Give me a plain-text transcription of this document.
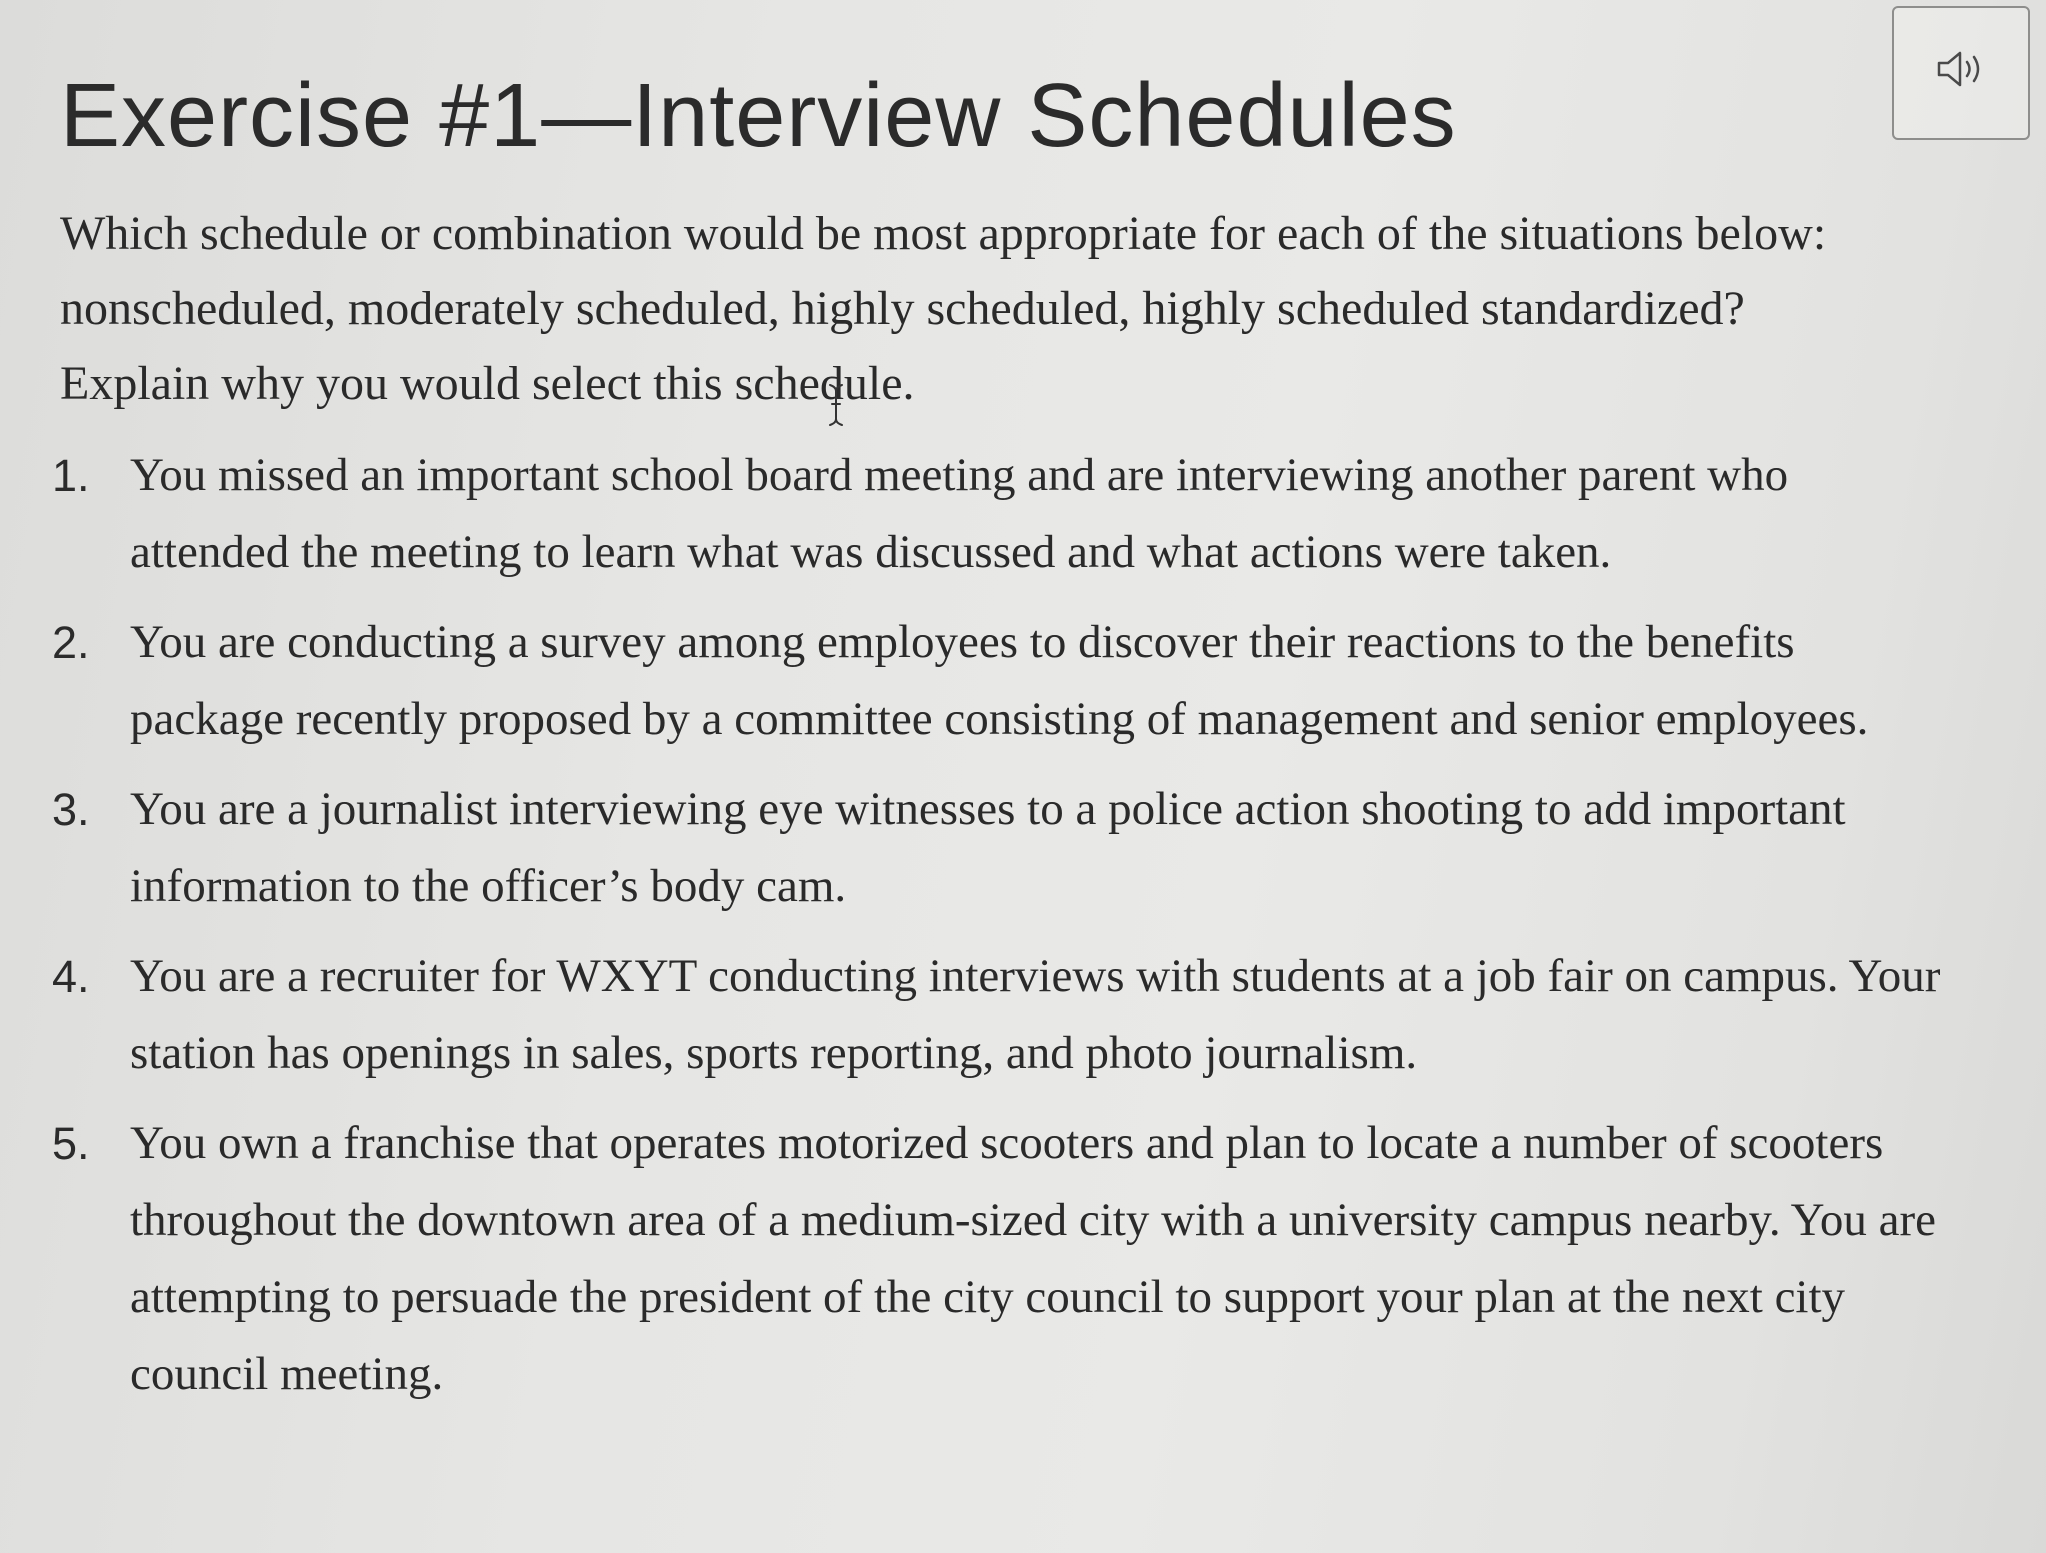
Exercise #1—Interview Schedules

Which schedule or combination would be most appropriate for each of the situations below: nonscheduled, moderately scheduled, highly scheduled, highly scheduled standardized? Explain why you would select this schedule.

1. You missed an important school board meeting and are interviewing another parent who attended the meeting to learn what was discussed and what actions were taken.
2. You are conducting a survey among employees to discover their reactions to the benefits package recently proposed by a committee consisting of management and senior employees.
3. You are a journalist interviewing eye witnesses to a police action shooting to add important information to the officer’s body cam.
4. You are a recruiter for WXYT conducting interviews with students at a job fair on campus. Your station has openings in sales, sports reporting, and photo journalism.
5. You own a franchise that operates motorized scooters and plan to locate a number of scooters throughout the downtown area of a medium-sized city with a university campus nearby. You are attempting to persuade the president of the city council to support your plan at the next city council meeting.
